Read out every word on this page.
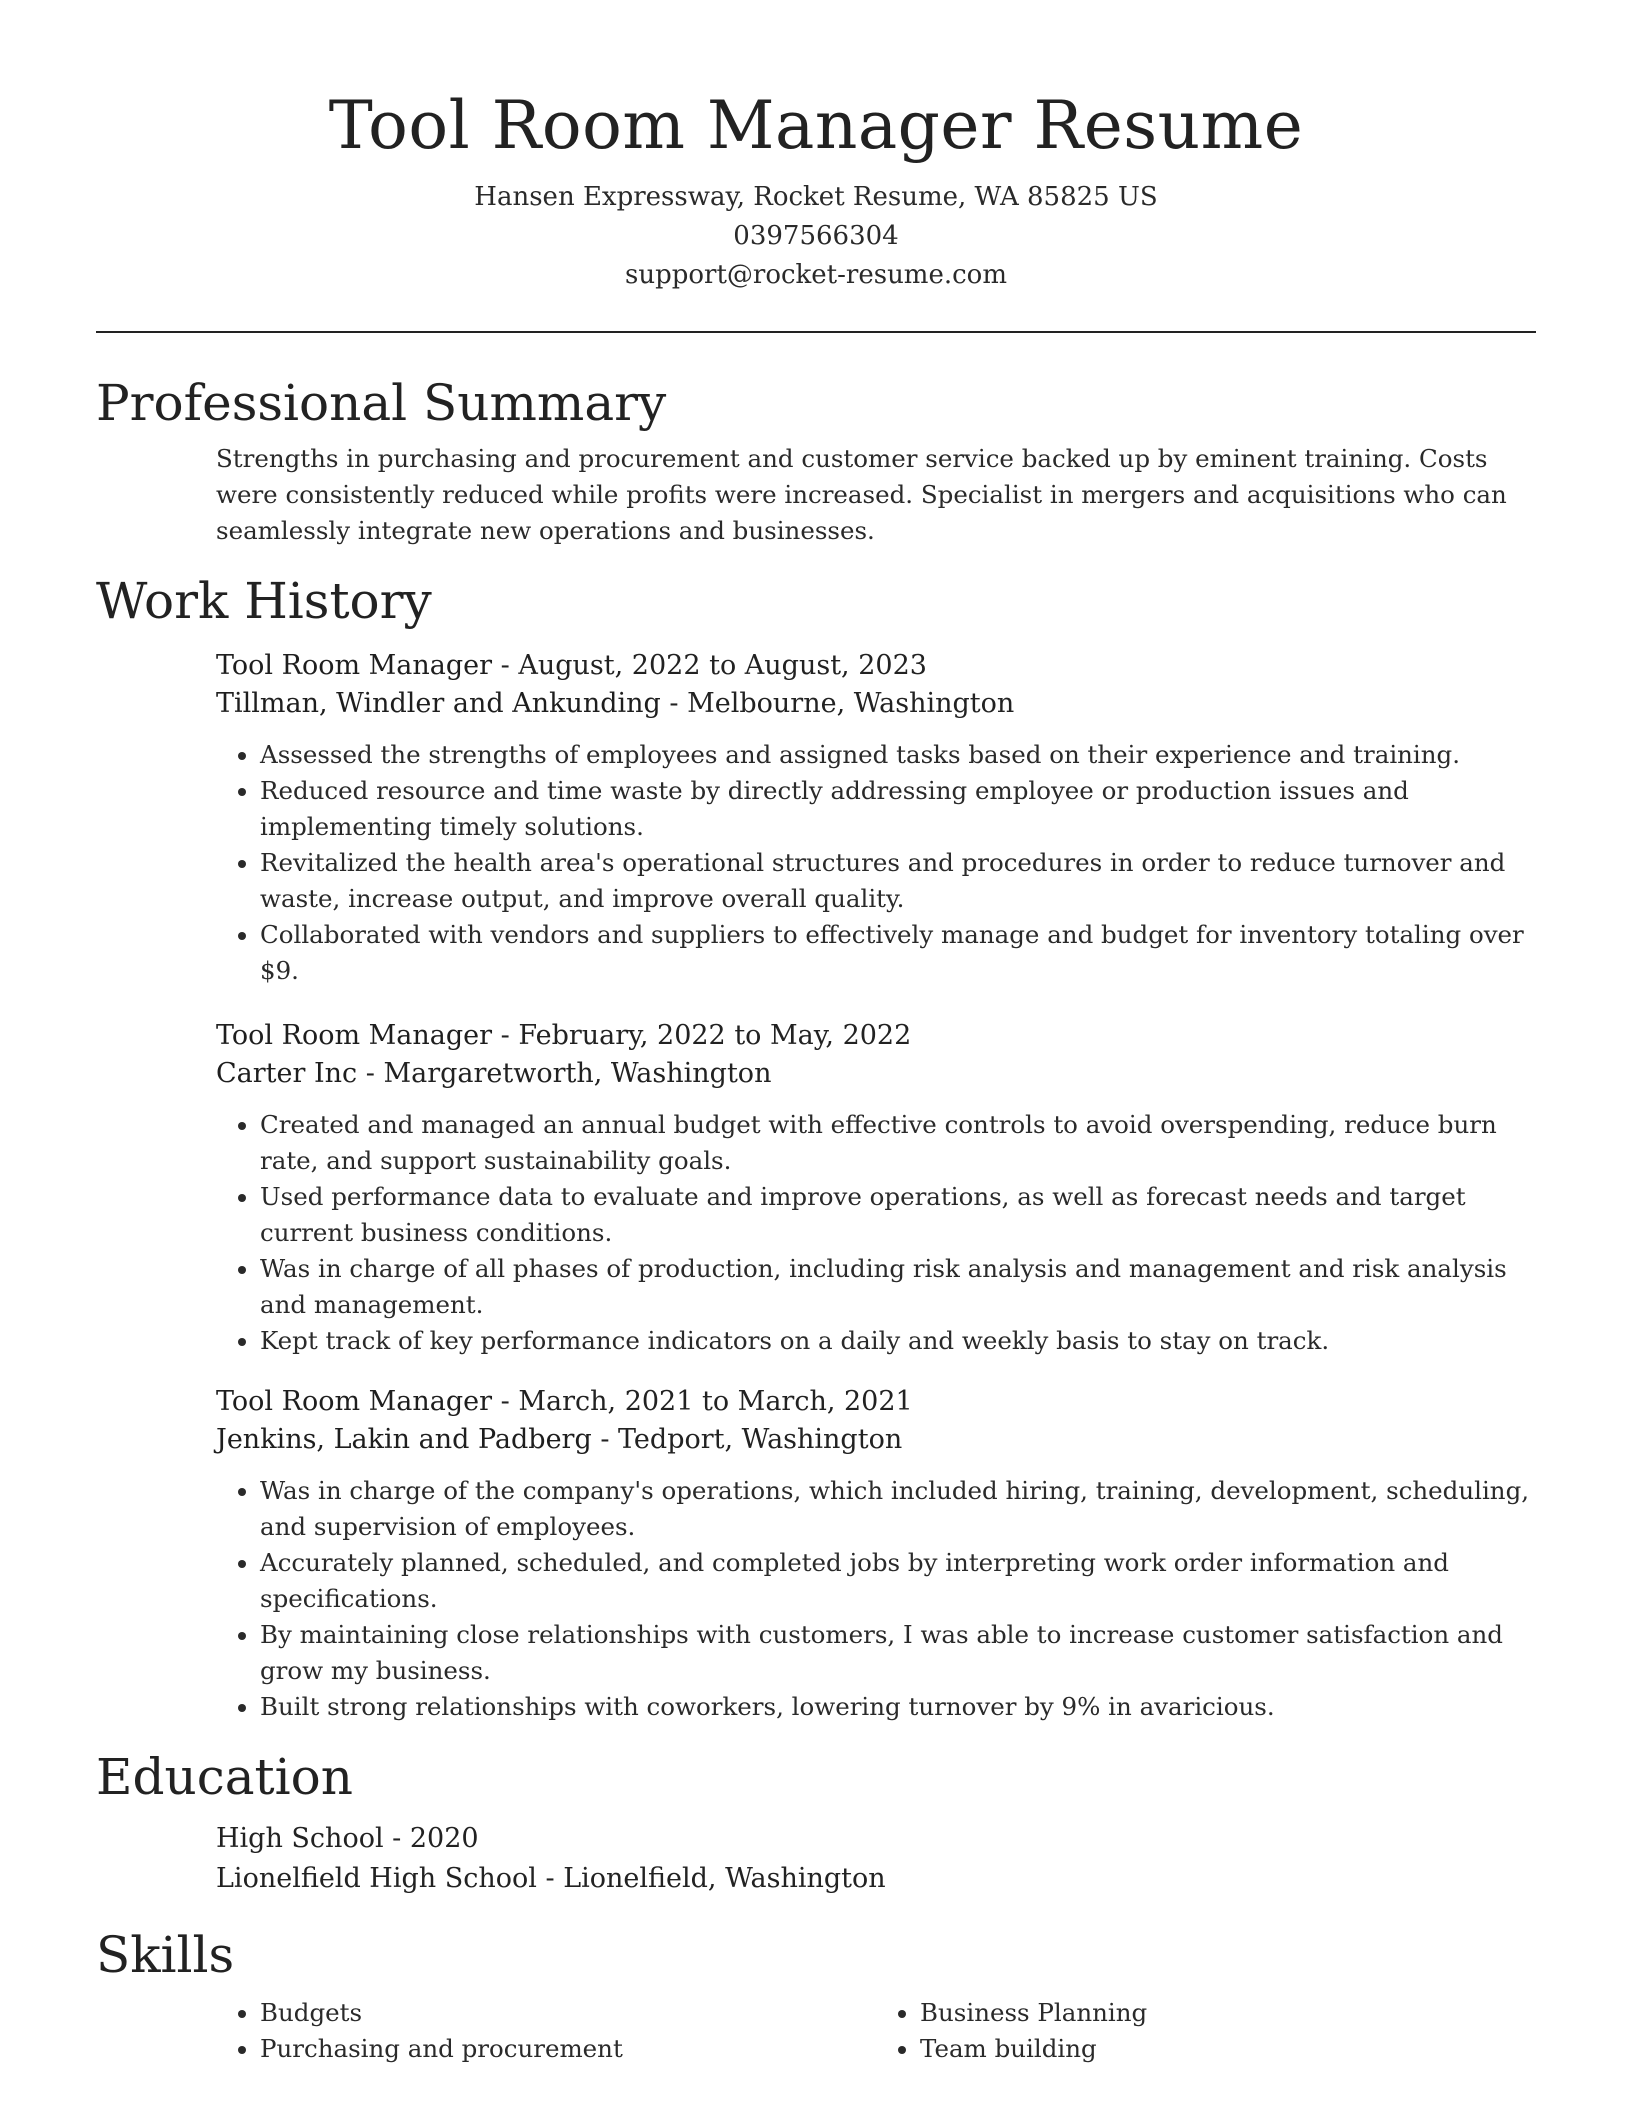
Tool Room Manager Resume
Hansen Expressway, Rocket Resume, WA 85825 US
0397566304
support@rocket-resume.com
Professional Summary
Strengths in purchasing and procurement and customer service backed up by eminent training. Costs were consistently reduced while profits were increased. Specialist in mergers and acquisitions who can seamlessly integrate new operations and businesses.
Work History
Tool Room Manager - August, 2022 to August, 2023
Tillman, Windler and Ankunding - Melbourne, Washington
• Assessed the strengths of employees and assigned tasks based on their experience and training.
• Reduced resource and time waste by directly addressing employee or production issues and implementing timely solutions.
• Revitalized the health area's operational structures and procedures in order to reduce turnover and waste, increase output, and improve overall quality.
• Collaborated with vendors and suppliers to effectively manage and budget for inventory totaling over $9.
Tool Room Manager - February, 2022 to May, 2022
Carter Inc - Margaretworth, Washington
• Created and managed an annual budget with effective controls to avoid overspending, reduce burn rate, and support sustainability goals.
• Used performance data to evaluate and improve operations, as well as forecast needs and target current business conditions.
• Was in charge of all phases of production, including risk analysis and management and risk analysis and management.
• Kept track of key performance indicators on a daily and weekly basis to stay on track.
Tool Room Manager - March, 2021 to March, 2021
Jenkins, Lakin and Padberg - Tedport, Washington
• Was in charge of the company's operations, which included hiring, training, development, scheduling, and supervision of employees.
• Accurately planned, scheduled, and completed jobs by interpreting work order information and specifications.
• By maintaining close relationships with customers, I was able to increase customer satisfaction and grow my business.
• Built strong relationships with coworkers, lowering turnover by 9% in avaricious.
Education
High School - 2020
Lionelfield High School - Lionelfield, Washington
Skills
• Budgets
• Purchasing and procurement
• Business Planning
• Team building
